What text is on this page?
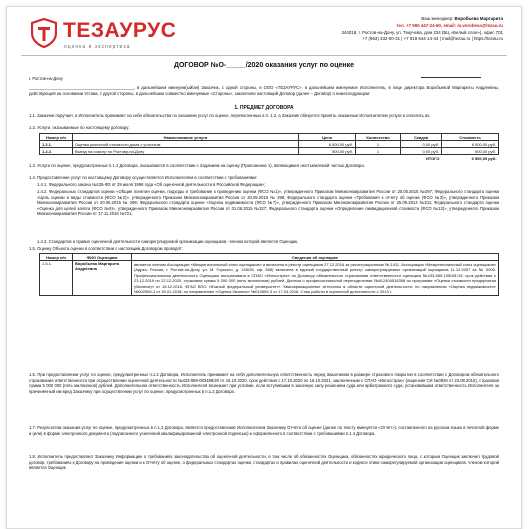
ТЕЗАУРУС
оценка и экспертиза
Ваш менеджер: Воробьева Маргарита
тел. +7 960 447-24-60, email: m.vorobeva@tezau.ru
344018, г. Ростов-на-Дону, ул. Текучева, дом 234 (БЦ «Белый слон»), офис 701
+7 (863) 332-00-31 | +7 918 644-14-44 | mail@tezau.ru | https://tezau.ru
ДОГОВОР №О-_____/2020 оказания услуг по оценке
г. Ростов-на-Дону
_____________________________________________, в дальнейшем именуем(ый/ая) Заказчик, с одной стороны, и ООО «ТЕЗАУРУС», в дальнейшем именуемое Исполнитель, в лице директора Воробьевой Маргариты Андреевны, действующей на основании Устава, с другой стороны, в дальнейшем совместно именуемые «Стороны», заключили настоящий Договор (далее – Договор) о нижеследующем:
1. ПРЕДМЕТ ДОГОВОРА
1.1. Заказчик поручает, а Исполнитель принимает на себя обязательства по оказанию услуг по оценке, перечисленных в п. 1.2, а Заказчик обязуется принять оказанные Исполнителем услуги и оплатить их.
1.2. Услуги, оказываемые по настоящему договору:
Номер п/п	Наименование услуги	Цена	Количество	Скидка	Стоимость
1.2.1.	Оценка рыночной стоимости дома с участком	6 000,00 руб.	1	0,00 руб.	6 000,00 руб.
1.2.2.	Выезд на осмотр по Ростову-на-Дону	500,00 руб.	1	0,00 руб.	500,00 руб.
				ИТОГО	6 500,00 руб.
1.3. Услуги по оценке, предусмотренные п.1.2 Договора, оказываются в соответствии с Заданием на оценку (Приложение 1), являющимся неотъемлемой частью Договора.
1.4. Предоставление услуг по настоящему Договору осуществляется Исполнителем в соответствии с требованиями:
1.4.1. Федерального закона №135-ФЗ от 29 июля 1998 года «Об оценочной деятельности в Российской Федерации»;
1.4.2. Федеральных стандартов оценки «Общие понятия оценки, подходы и требования к проведению оценки (ФСО №1)», утвержденного Приказом Минэкономразвития России от 20.05.2015 №297; Федерального стандарта оценки «Цель оценки и виды стоимости (ФСО №2)», утвержденного Приказом Минэкономразвития России от 20.05.2015 № 298; Федерального стандарта оценки «Требования к отчету об оценке (ФСО №3)», утвержденного Приказом Минэкономразвития России от 20.05.2015 № 299; Федерального стандарта оценки «Оценка недвижимости (ФСО №7)», утвержденного Приказом Минэкономразвития России от 25.09.2014 №611; Федерального стандарта оценки «Оценка для целей залога (ФСО №9)», утвержденного Приказом Минэкономразвития России от 01.06.2015 №327; Федерального стандарта оценки «Определение ликвидационной стоимости (ФСО №12)», утвержденного Приказом Минэкономразвития России от 17.11.2016 №721;
1.4.3. Стандартов и правил оценочной деятельности саморегулируемой организации оценщиков, членом которой является Оценщик.
1.5. Оценку Объекта оценки в соответствии с настоящим Договором проводят:
Номер п/п	ФИО Оценщика	Сведения об оценщике
1.5.1.	Воробьева Маргарита Андреевна	является членом Ассоциации «Межрегиональный союз оценщиков» и включена в реестр оценщиков 27.12.2016 за регистрационным № 1411. Ассоциация «Межрегиональный союз оценщиков» (Адрес: Россия, г. Ростов-на-Дону, ул. М. Горького, д. 245/26, оф. 606) включена в единый государственный реестр саморегулируемых организаций оценщиков 11.12.2007 за № 0005. Профессиональная деятельность Оценщика застрахована в СПАО «Ингосстрах» по Договору обязательного страхования ответственности оценщика №433-589-105081/19, срок действия с 23.12.2019 по 22.12.2020, страховая сумма 5 000 000 (пять миллионов) рублей. Диплом о профессиональной переподготовке №612404518358 по программе «Оценка стоимости предприятия (бизнеса)» от 16.12.2016, ФГАО ВПО «Южный федеральный университет». Квалификационные аттестаты в области оценочной деятельности: по направлению «Оценка недвижимости» №002569-1 от 30.01.2018; по направлению «Оценка бизнеса» №010609-3 от 17.04.2018. Стаж работы в оценочной деятельности с 2013 г.
1.6. При предоставлении услуг по оценке, предусмотренных п.1.2 Договора, Исполнитель принимает на себя дополнительную ответственность перед Заказчиком в размере страхового покрытия в соответствии с Договором обязательного страхования ответственности при осуществлении оценочной деятельности №433-589-083488/20 от 16.10.2020, срок действия с 17.10.2020 по 16.10.2021, заключенным с СПАО «Ингосстрах» (лицензия СИ №0928 от 23.09.2015), страховая сумма 5 000 000 (пять миллионов) рублей. Дополнительная ответственность Исполнителя возникает при условии, если вступившим в законную силу решением суда или арбитражного суда, установившим ответственность Исполнителя за причинённый им вред Заказчику при осуществлении услуг по оценке, предусмотренных в п.1.2 Договора.
1.7. Результатом оказания услуг по оценке, предусмотренных в п.1.2 Договора, является предоставление Исполнителем Заказчику Отчёта об оценке (далее по тексту именуется «Отчёт»), составленного на русском языке в печатной форме и (или) в форме электронного документа (подписанного усиленной квалифицированной электронной подписью) и оформленного в соответствии с требованиями п.1.4 Договора.
1.8. Исполнитель предоставляет Заказчику Информацию о требованиях законодательства об оценочной деятельности, в том числе об обязанностях Оценщика, обязанностях юридического лица, с которым Оценщик заключил трудовой договор, требованиях к Договору на проведение оценки и к Отчёту об оценке, о федеральных стандартах оценки, стандартах и правилах оценочной деятельности и кодексе этики саморегулируемой организации оценщиков, членом которой является Оценщик.
